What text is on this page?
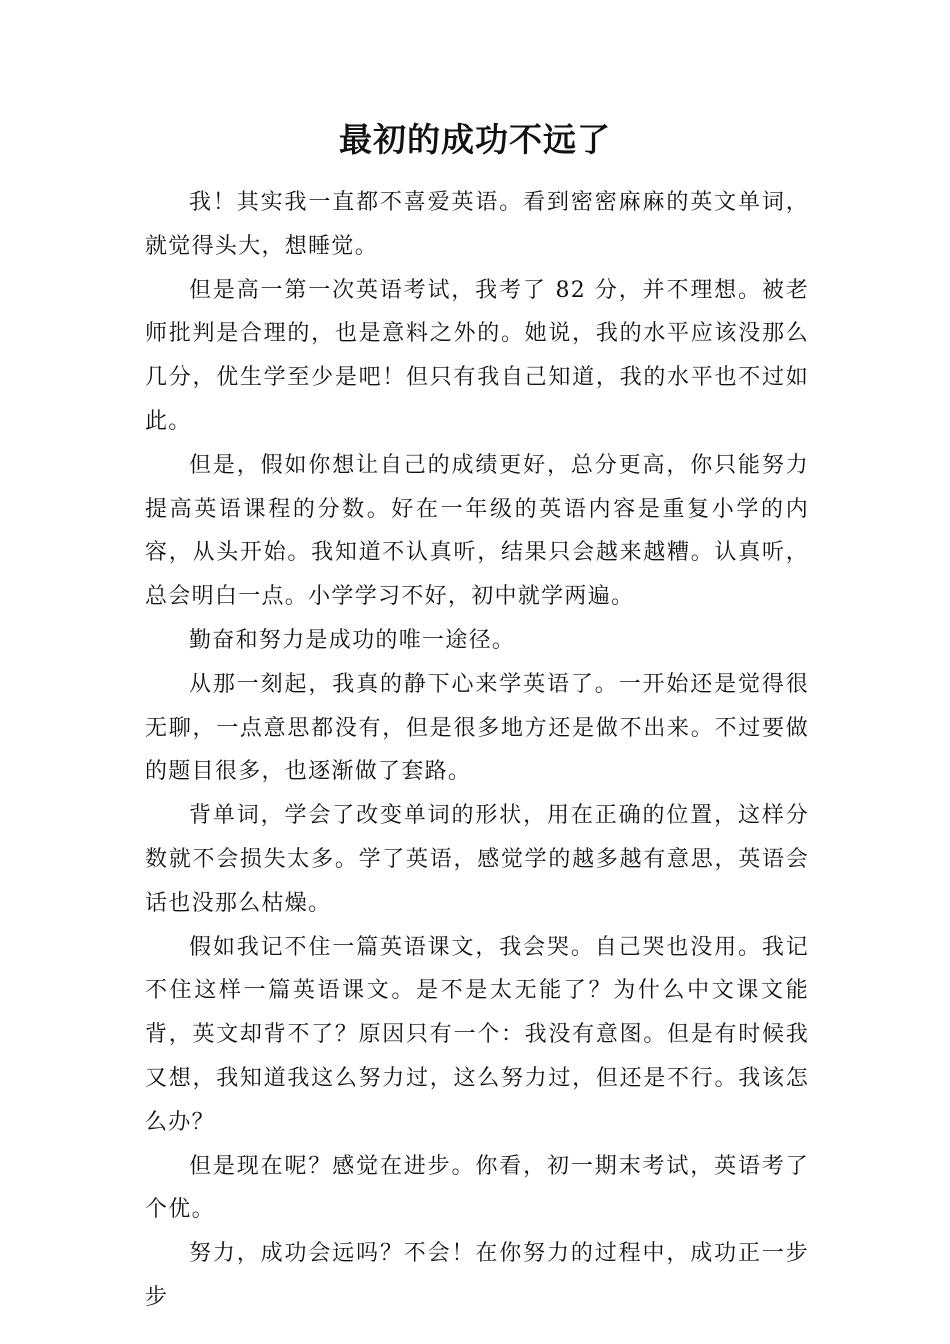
最初的成功不远了

我！其实我一直都不喜爱英语。看到密密麻麻的英文单词，就觉得头大，想睡觉。

但是高一第一次英语考试，我考了 82 分，并不理想。被老师批判是合理的，也是意料之外的。她说，我的水平应该没那么几分，优生学至少是吧！但只有我自己知道，我的水平也不过如此。

但是，假如你想让自己的成绩更好，总分更高，你只能努力提高英语课程的分数。好在一年级的英语内容是重复小学的内容，从头开始。我知道不认真听，结果只会越来越糟。认真听，总会明白一点。小学学习不好，初中就学两遍。

勤奋和努力是成功的唯一途径。

从那一刻起，我真的静下心来学英语了。一开始还是觉得很无聊，一点意思都没有，但是很多地方还是做不出来。不过要做的题目很多，也逐渐做了套路。

背单词，学会了改变单词的形状，用在正确的位置，这样分数就不会损失太多。学了英语，感觉学的越多越有意思，英语会话也没那么枯燥。

假如我记不住一篇英语课文，我会哭。自己哭也没用。我记不住这样一篇英语课文。是不是太无能了？为什么中文课文能背，英文却背不了？原因只有一个：我没有意图。但是有时候我又想，我知道我这么努力过，这么努力过，但还是不行。我该怎么办？

但是现在呢？感觉在进步。你看，初一期末考试，英语考了个优。

努力，成功会远吗？不会！在你努力的过程中，成功正一步步
